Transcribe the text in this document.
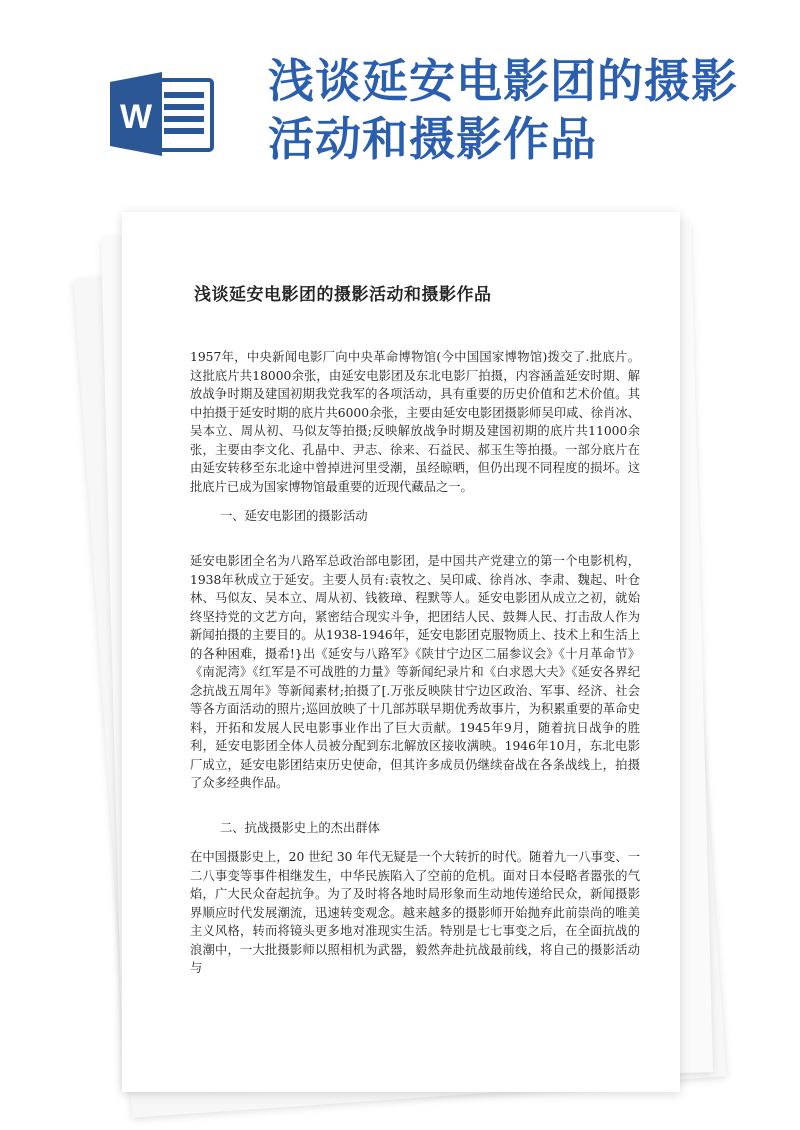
W
浅谈延安电影团的摄影
活动和摄影作品
浅谈延安电影团的摄影活动和摄影作品

1957年，中央新闻电影厂向中央革命博物馆(今中国国家博物馆)拨交了.批底片。这批底片共18000余张，由延安电影团及东北电影厂拍摄，内容涵盖延安时期、解放战争时期及建国初期我党我军的各项活动，具有重要的历史价值和艺术价值。其中拍摄于延安时期的底片共6000余张，主要由延安电影团摄影师吴印咸、徐肖冰、吴本立、周从初、马似友等拍摄;反映解放战争时期及建国初期的底片共11000余张，主要由李文化、孔晶中、尹志、徐来、石益民、郝玉生等拍摄。一部分底片在由延安转移至东北途中曾掉进河里受潮，虽经晾晒，但仍出现不同程度的损坏。这批底片已成为国家博物馆最重要的近现代藏品之一。

一、延安电影团的摄影活动

延安电影团全名为八路军总政治部电影团，是中国共产党建立的第一个电影机构，1938年秋成立于延安。主要人员有:袁牧之、吴印咸、徐肖冰、李肃、魏起、叶仓林、马似友、吴本立、周从初、钱筱璋、程默等人。延安电影团从成立之初，就始终坚持党的文艺方向，紧密结合现实斗争，把团结人民、鼓舞人民、打击敌人作为新闻拍摄的主要目的。从1938-1946年，延安电影团克服物质上、技术上和生活上的各种困难，摄希!}出《延安与八路军》《陕甘宁边区二届参议会》《十月革命节》《南泥湾》《红军是不可战胜的力量》等新闻纪录片和《白求恩大夫》《延安各界纪念抗战五周年》等新闻素材;拍摄了[.万张反映陕甘宁边区政治、军事、经济、社会等各方面活动的照片;巡回放映了十几部苏联早期优秀故事片，为积累重要的革命史料，开拓和发展人民电影事业作出了巨大贡献。1945年9月，随着抗日战争的胜利，延安电影团全体人员被分配到东北解放区接收满映。1946年10月，东北电影厂成立，延安电影团结束历史使命，但其许多成员仍继续奋战在各条战线上，拍摄了众多经典作品。

二、抗战摄影史上的杰出群体

在中国摄影史上，20 世纪 30 年代无疑是一个大转折的时代。随着九一八事变、一二八事变等事件相继发生，中华民族陷入了空前的危机。面对日本侵略者嚣张的气焰，广大民众奋起抗争。为了及时将各地时局形象而生动地传递给民众，新闻摄影界顺应时代发展潮流，迅速转变观念。越来越多的摄影师开始抛弃此前崇尚的唯美主义风格，转而将镜头更多地对准现实生活。特别是七七事变之后，在全面抗战的浪潮中，一大批摄影师以照相机为武器，毅然奔赴抗战最前线，将自己的摄影活动与
